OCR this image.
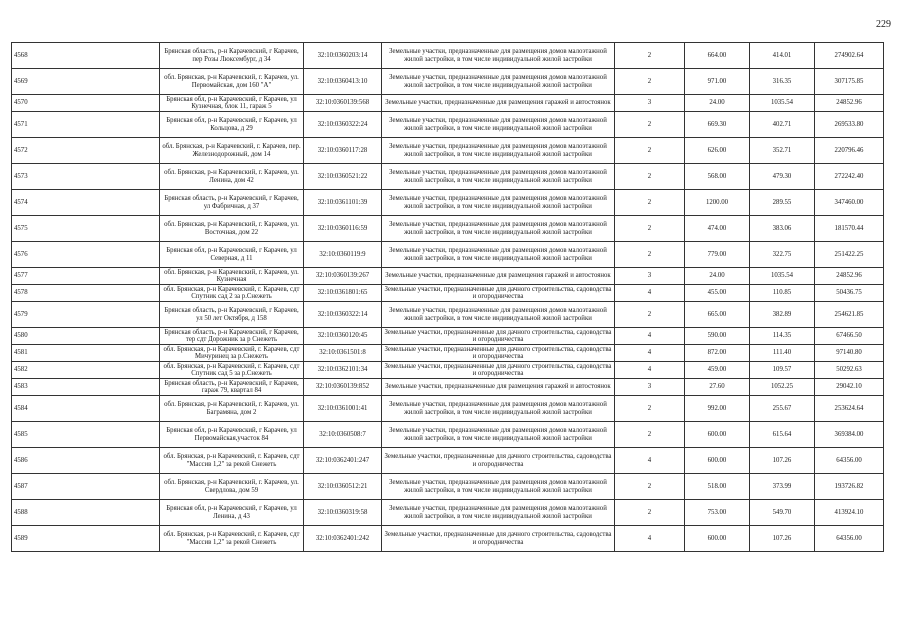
229
4568	Брянская область, р-н Карачевский, г Карачев, пер Розы Люксембург, д 34	32:10:0360203:14	Земельные участки, предназначенные для размещения домов малоэтажной жилой застройки, в том числе индивидуальной жилой застройки	2	664.00	414.01	274902.64
4569	обл. Брянская, р-н Карачевский, г. Карачев, ул. Первомайская, дом 160 "А"	32:10:0360413:10	Земельные участки, предназначенные для размещения домов малоэтажной жилой застройки, в том числе индивидуальной жилой застройки	2	971.00	316.35	307175.85
4570	Брянская обл, р-н Карачевский, г Карачев, ул Кузнечная, блок 11, гараж 5	32:10:0360139:568	Земельные участки, предназначенные для размещения гаражей и автостоянок	3	24.00	1035.54	24852.96
4571	Брянская обл, р-н Карачевский, г Карачев, ул Кольцова, д 29	32:10:0360322:24	Земельные участки, предназначенные для размещения домов малоэтажной жилой застройки, в том числе индивидуальной жилой застройки	2	669.30	402.71	269533.80
4572	обл. Брянская, р-н Карачевский, г. Карачев, пер. Железнодорожный, дом 14	32:10:0360117:28	Земельные участки, предназначенные для размещения домов малоэтажной жилой застройки, в том числе индивидуальной жилой застройки	2	626.00	352.71	220796.46
4573	обл. Брянская, р-н Карачевский, г. Карачев, ул. Ленина, дом 42	32:10:0360521:22	Земельные участки, предназначенные для размещения домов малоэтажной жилой застройки, в том числе индивидуальной жилой застройки	2	568.00	479.30	272242.40
4574	Брянская область, р-н Карачевский, г Карачев, ул Фабричная, д 37	32:10:0361101:39	Земельные участки, предназначенные для размещения домов малоэтажной жилой застройки, в том числе индивидуальной жилой застройки	2	1200.00	289.55	347460.00
4575	обл. Брянская, р-н Карачевский, г. Карачев, ул. Восточная, дом 22	32:10:0360116:59	Земельные участки, предназначенные для размещения домов малоэтажной жилой застройки, в том числе индивидуальной жилой застройки	2	474.00	383.06	181570.44
4576	Брянская обл, р-н Карачевский, г Карачев, ул Северная, д 11	32:10:0360119:9	Земельные участки, предназначенные для размещения домов малоэтажной жилой застройки, в том числе индивидуальной жилой застройки	2	779.00	322.75	251422.25
4577	обл. Брянская, р-н Карачевский, г. Карачев, ул. Кузнечная	32:10:0360139:267	Земельные участки, предназначенные для размещения гаражей и автостоянок	3	24.00	1035.54	24852.96
4578	обл. Брянская, р-н Карачевский, г. Карачев, сдт Спутник сад 2 за р.Снежеть	32:10:0361801:65	Земельные участки, предназначенные для дачного строительства, садоводства и огородничества	4	455.00	110.85	50436.75
4579	Брянская область, р-н Карачевский, г Карачев, ул 50 лет Октября, д 158	32:10:0360322:14	Земельные участки, предназначенные для размещения домов малоэтажной жилой застройки, в том числе индивидуальной жилой застройки	2	665.00	382.89	254621.85
4580	Брянская область, р-н Карачевский, г Карачев, тер сдт Дорожник за р Снежеть	32:10:0360120:45	Земельные участки, предназначенные для дачного строительства, садоводства и огородничества	4	590.00	114.35	67466.50
4581	обл. Брянская, р-н Карачевский, г. Карачев, сдт Мичуринец за р.Снежеть	32:10:0361501:8	Земельные участки, предназначенные для дачного строительства, садоводства и огородничества	4	872.00	111.40	97140.80
4582	обл. Брянская, р-н Карачевский, г. Карачев, сдт Спутник сад 5 за р.Снежеть	32:10:0362101:34	Земельные участки, предназначенные для дачного строительства, садоводства и огородничества	4	459.00	109.57	50292.63
4583	Брянская область, р-н Карачевский, г Карачев, гараж 79, квартал 84	32:10:0360139:852	Земельные участки, предназначенные для размещения гаражей и автостоянок	3	27.60	1052.25	29042.10
4584	обл. Брянская, р-н Карачевский, г. Карачев, ул. Баграмяна, дом 2	32:10:0361001:41	Земельные участки, предназначенные для размещения домов малоэтажной жилой застройки, в том числе индивидуальной жилой застройки	2	992.00	255.67	253624.64
4585	Брянская обл, р-н Карачевский, г Карачев, ул Первомайская,участок 84	32:10:0360508:7	Земельные участки, предназначенные для размещения домов малоэтажной жилой застройки, в том числе индивидуальной жилой застройки	2	600.00	615.64	369384.00
4586	обл. Брянская, р-н Карачевский, г. Карачев, сдт "Массив 1,2" за рекой Снежеть	32:10:0362401:247	Земельные участки, предназначенные для дачного строительства, садоводства и огородничества	4	600.00	107.26	64356.00
4587	обл. Брянская, р-н Карачевский, г. Карачев, ул. Свердлова, дом 59	32:10:0360512:21	Земельные участки, предназначенные для размещения домов малоэтажной жилой застройки, в том числе индивидуальной жилой застройки	2	518.00	373.99	193726.82
4588	Брянская обл, р-н Карачевский, г Карачев, ул Ленина, д 43	32:10:0360319:58	Земельные участки, предназначенные для размещения домов малоэтажной жилой застройки, в том числе индивидуальной жилой застройки	2	753.00	549.70	413924.10
4589	обл. Брянская, р-н Карачевский, г. Карачев, сдт "Массив 1,2" за рекой Снежеть	32:10:0362401:242	Земельные участки, предназначенные для дачного строительства, садоводства и огородничества	4	600.00	107.26	64356.00
